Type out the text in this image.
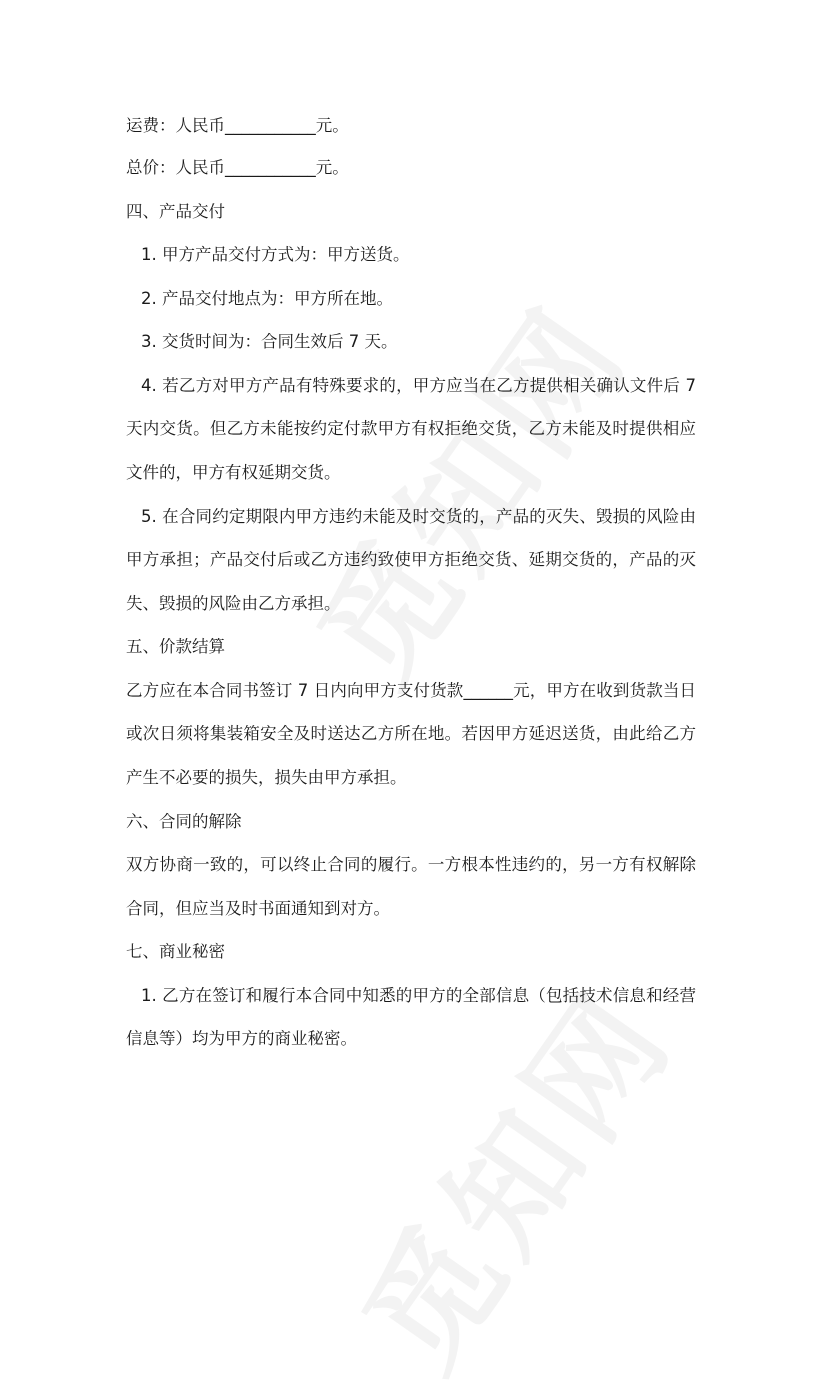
运费：人民币___________元。

总价：人民币___________元。

四、产品交付

1. 甲方产品交付方式为：甲方送货。

2. 产品交付地点为：甲方所在地。

3. 交货时间为：合同生效后 7 天。

4. 若乙方对甲方产品有特殊要求的，甲方应当在乙方提供相关确认文件后 7

天内交货。但乙方未能按约定付款甲方有权拒绝交货，乙方未能及时提供相应

文件的，甲方有权延期交货。

5. 在合同约定期限内甲方违约未能及时交货的，产品的灭失、毁损的风险由

甲方承担；产品交付后或乙方违约致使甲方拒绝交货、延期交货的，产品的灭

失、毁损的风险由乙方承担。

五、价款结算

乙方应在本合同书签订 7 日内向甲方支付货款______元，甲方在收到货款当日

或次日须将集装箱安全及时送达乙方所在地。若因甲方延迟送货，由此给乙方

产生不必要的损失，损失由甲方承担。

六、合同的解除

双方协商一致的，可以终止合同的履行。一方根本性违约的，另一方有权解除

合同，但应当及时书面通知到对方。

七、商业秘密

1. 乙方在签订和履行本合同中知悉的甲方的全部信息（包括技术信息和经营

信息等）均为甲方的商业秘密。
